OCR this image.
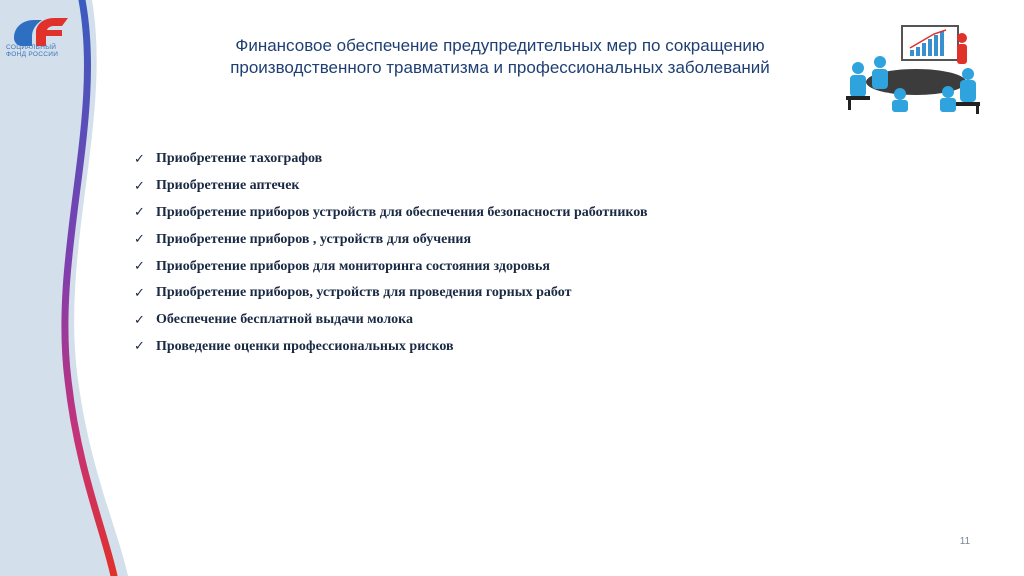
СОЦИАЛЬНЫЙ
ФОНД РОССИИ	Финансовое обеспечение предупредительных мер по сокращению
производственного травматизма и профессиональных заболеваний
✓ Приобретение тахографов
✓ Приобретение аптечек
✓ Приобретение приборов устройств для обеспечения безопасности работников
✓ Приобретение приборов , устройств для обучения
✓ Приобретение приборов для мониторинга состояния здоровья
✓ Приобретение приборов, устройств для проведения горных работ
✓ Обеспечение бесплатной выдачи молока
✓ Проведение оценки профессиональных рисков
11
